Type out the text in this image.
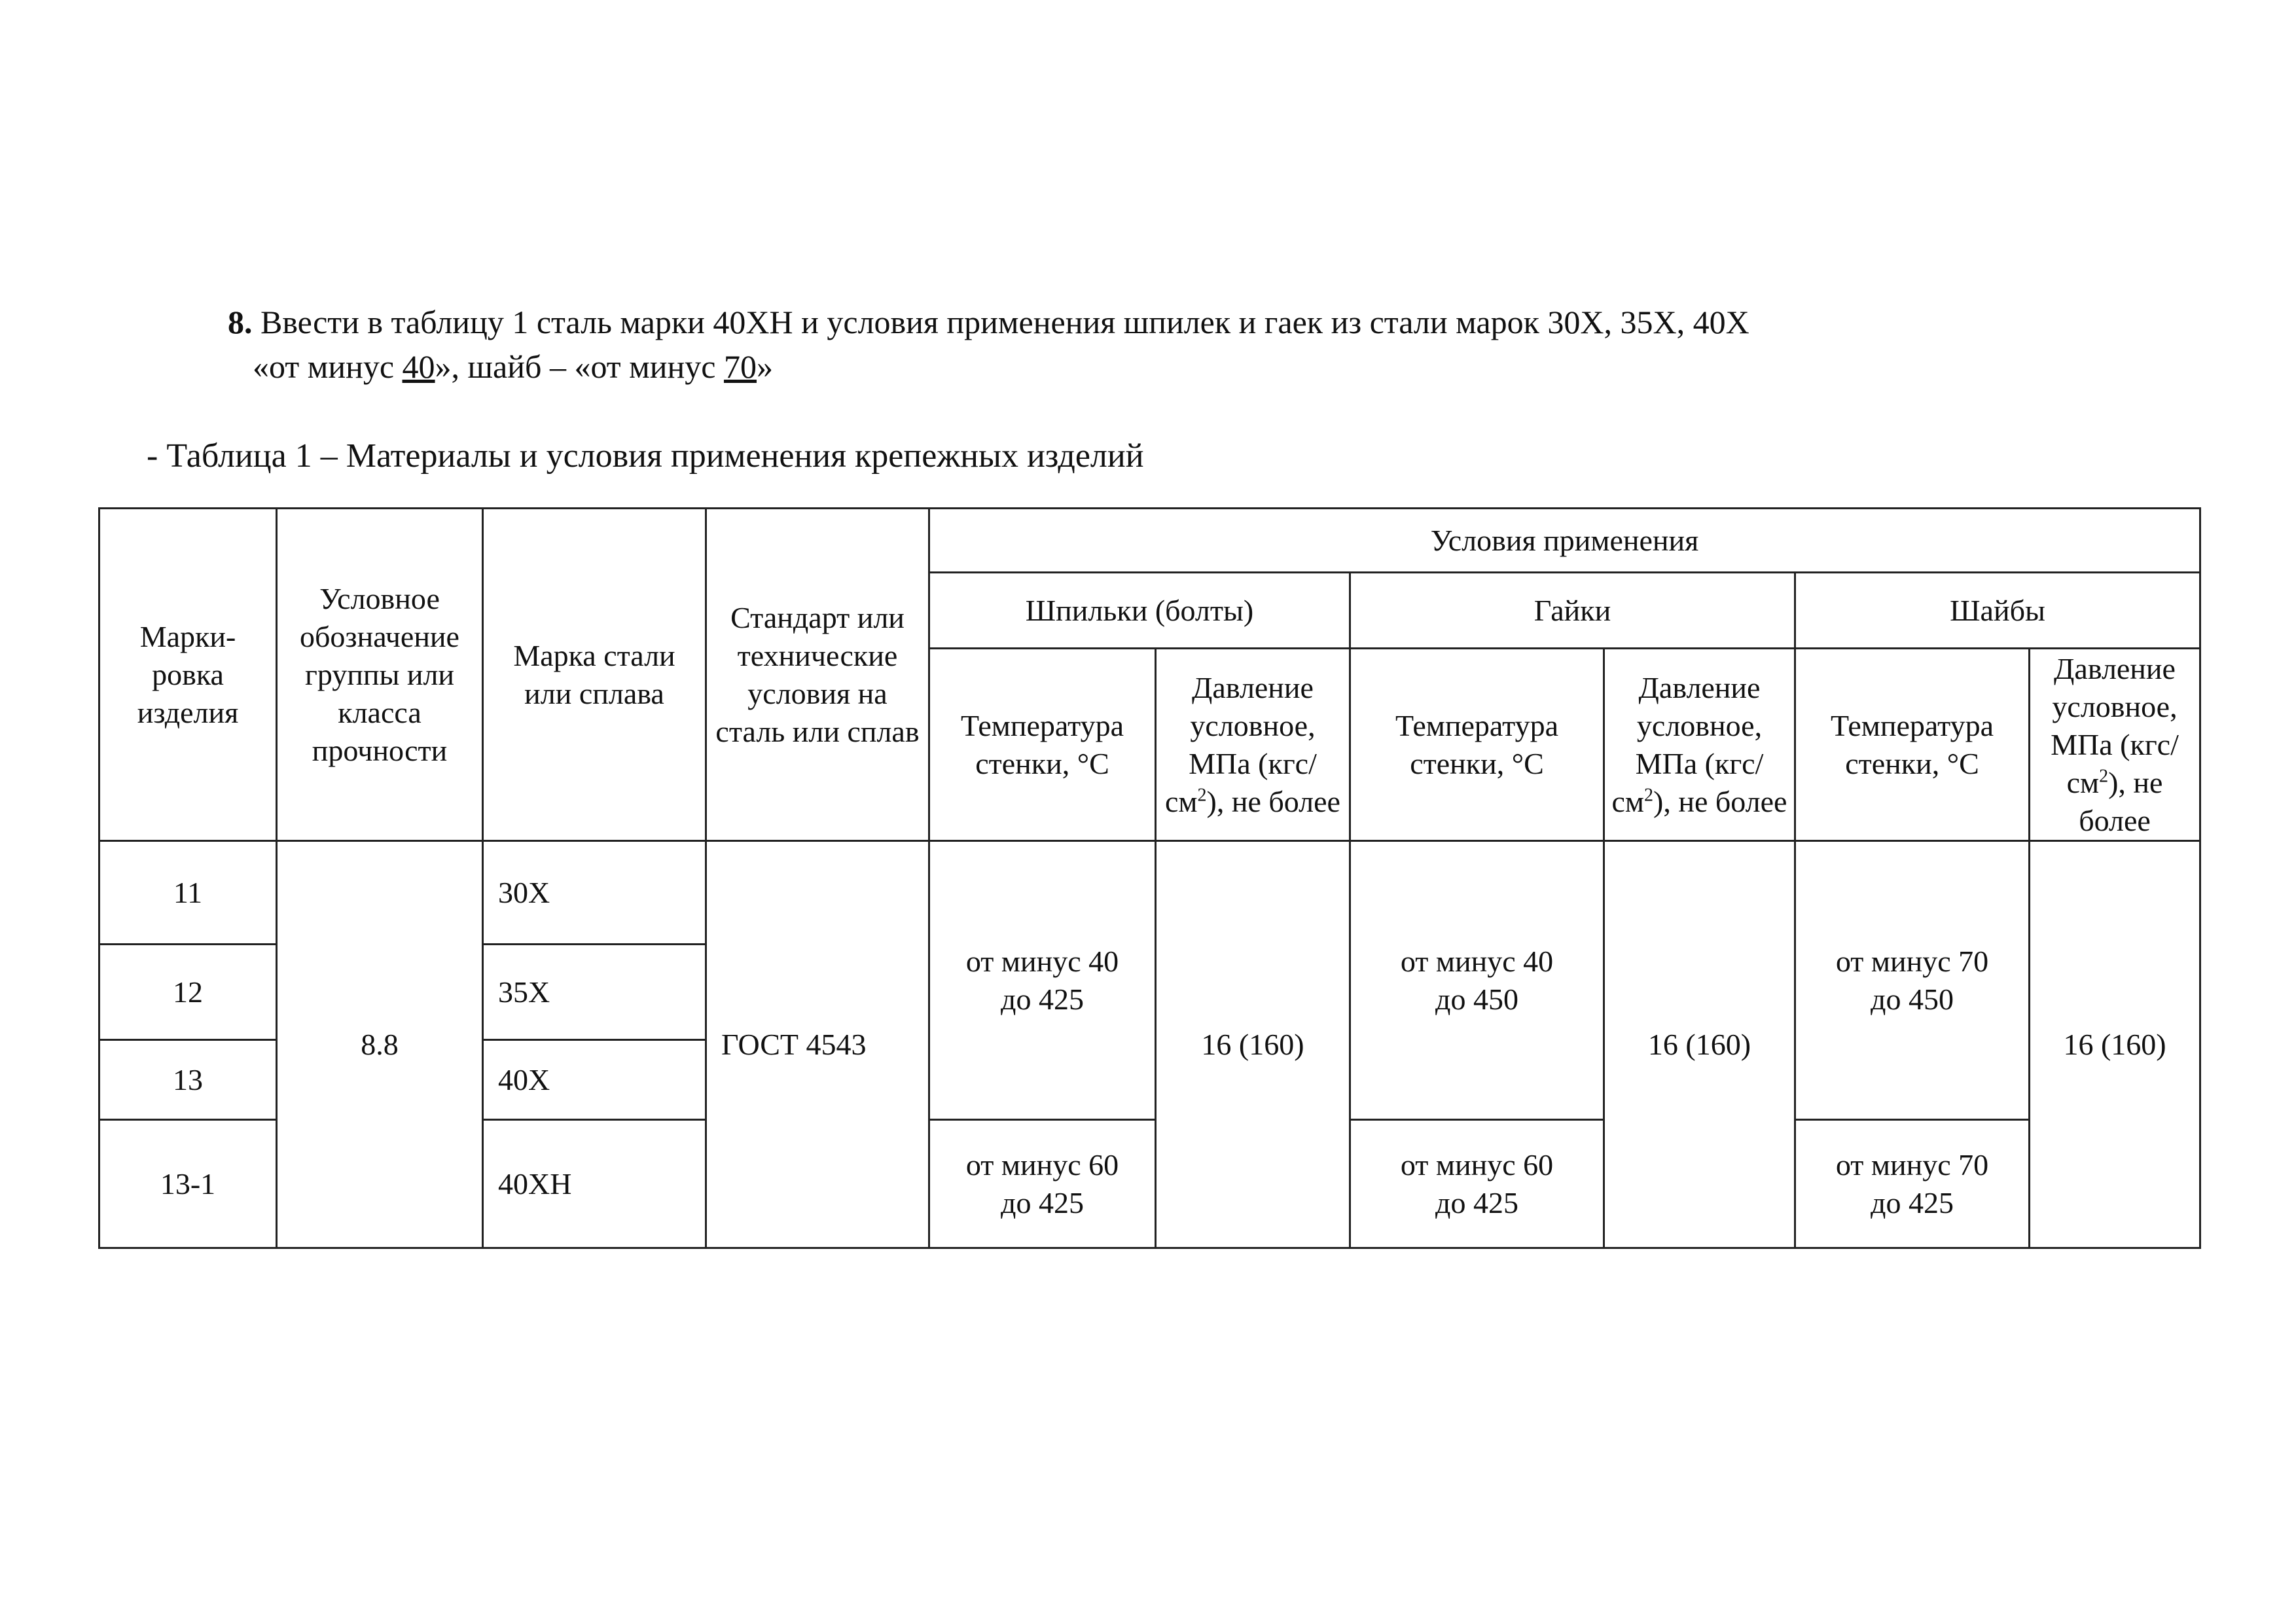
8. Ввести в таблицу 1 сталь марки 40ХН и условия применения шпилек и гаек из стали марок 30Х, 35Х, 40Х
«от минус 40», шайб – «от минус 70»
- Таблица 1 – Материалы и условия применения крепежных изделий
Марки-ровка изделия	Условное обозначение группы или класса прочности	Марка стали или сплава	Стандарт или технические условия на сталь или сплав	Условия применения					
				Шпильки (болты)		Гайки		Шайбы	
				Температура стенки, °С	Давление условное, МПа $(кгс/см^2)$, не более	Температура стенки, °С	Давление условное, МПа $(кгс/см^2)$, не более	Температура стенки, °С	Давление условное, МПа $(кгс/см^2)$, не более
11	8.8	30Х	ГОСТ 4543	от минус 40 до 425	16 (160)	от минус 40 до 450	16 (160)	от минус 70 до 450	16 (160)
12		35Х							
13		40Х							
13-1		40ХН		от минус 60 до 425		от минус 60 до 425		от минус 70 до 425	
